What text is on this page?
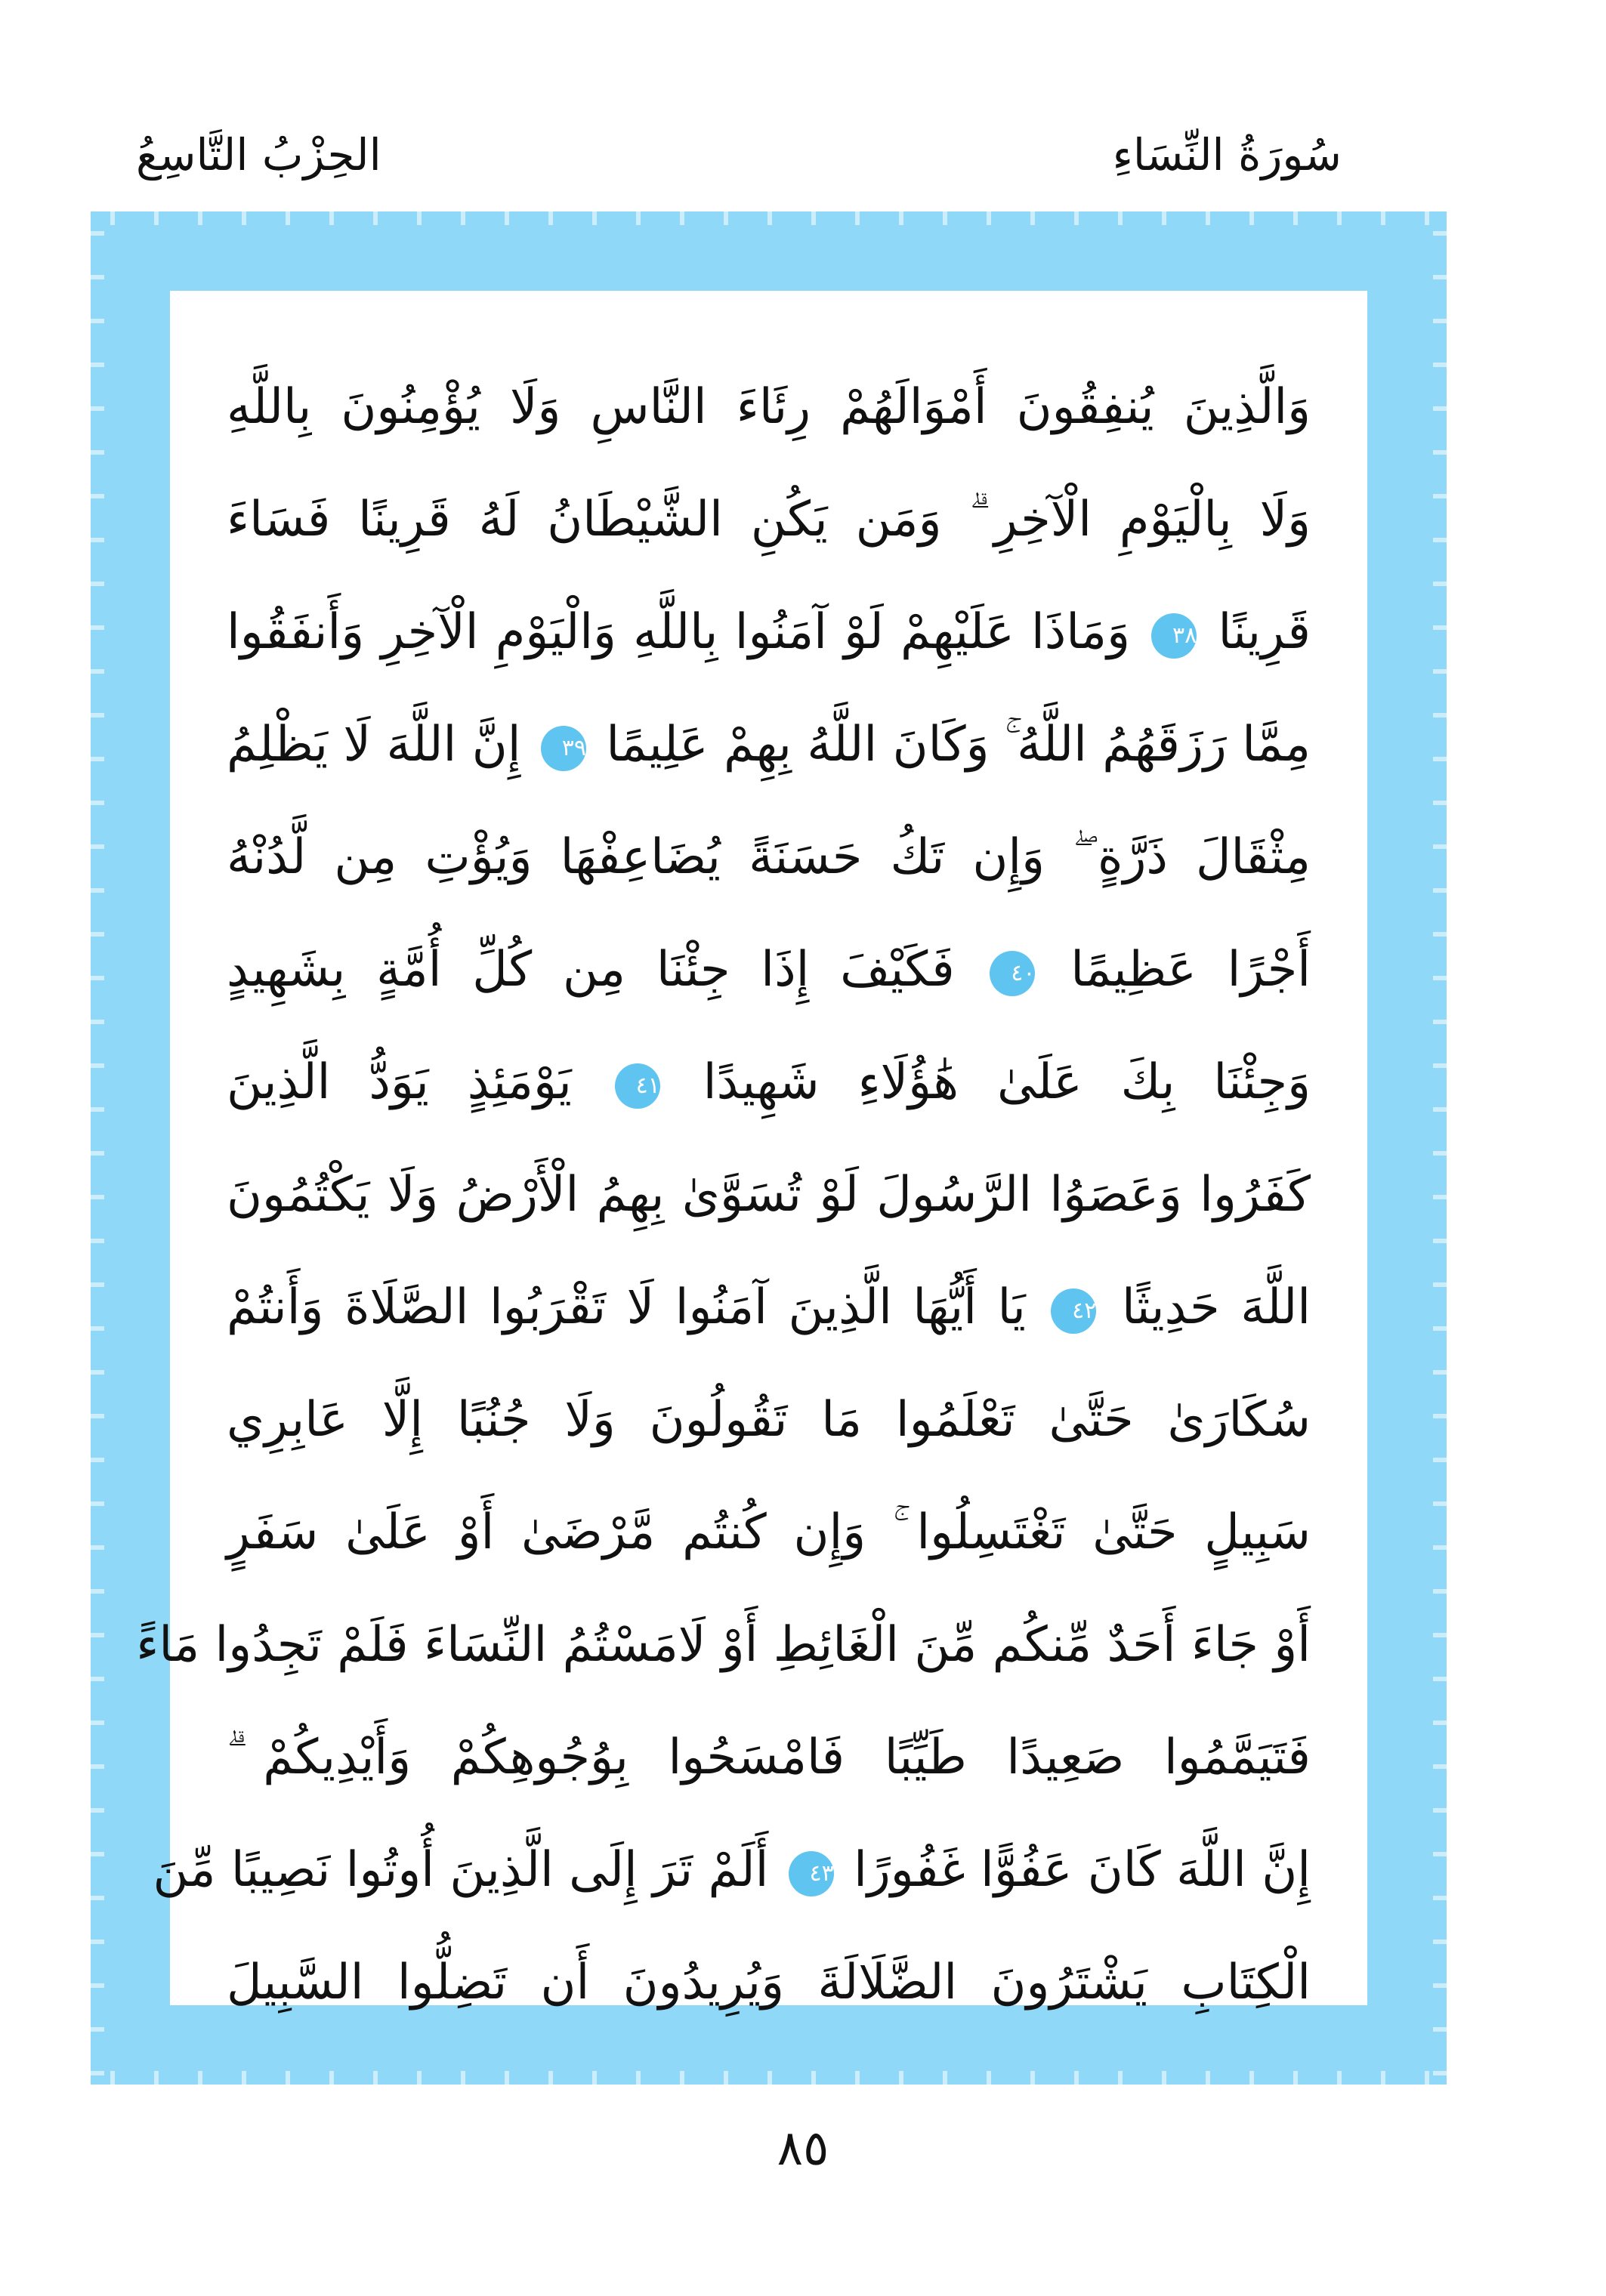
سُورَةُ النِّسَاءِ
الحِزْبُ التَّاسِعُ
وَالَّذِينَ يُنفِقُونَ أَمْوَالَهُمْ رِئَاءَ النَّاسِ وَلَا يُؤْمِنُونَ بِاللَّهِ
وَلَا بِالْيَوْمِ الْآخِرِ ۗ وَمَن يَكُنِ الشَّيْطَانُ لَهُ قَرِينًا فَسَاءَ
قَرِينًا ٣٨ وَمَاذَا عَلَيْهِمْ لَوْ آمَنُوا بِاللَّهِ وَالْيَوْمِ الْآخِرِ وَأَنفَقُوا
مِمَّا رَزَقَهُمُ اللَّهُ ۚ وَكَانَ اللَّهُ بِهِمْ عَلِيمًا ٣٩ إِنَّ اللَّهَ لَا يَظْلِمُ
مِثْقَالَ ذَرَّةٍ ۖ وَإِن تَكُ حَسَنَةً يُضَاعِفْهَا وَيُؤْتِ مِن لَّدُنْهُ
أَجْرًا عَظِيمًا ٤٠ فَكَيْفَ إِذَا جِئْنَا مِن كُلِّ أُمَّةٍ بِشَهِيدٍ
وَجِئْنَا بِكَ عَلَىٰ هَٰؤُلَاءِ شَهِيدًا ٤١ يَوْمَئِذٍ يَوَدُّ الَّذِينَ
كَفَرُوا وَعَصَوُا الرَّسُولَ لَوْ تُسَوَّىٰ بِهِمُ الْأَرْضُ وَلَا يَكْتُمُونَ
اللَّهَ حَدِيثًا ٤٢ يَا أَيُّهَا الَّذِينَ آمَنُوا لَا تَقْرَبُوا الصَّلَاةَ وَأَنتُمْ
سُكَارَىٰ حَتَّىٰ تَعْلَمُوا مَا تَقُولُونَ وَلَا جُنُبًا إِلَّا عَابِرِي
سَبِيلٍ حَتَّىٰ تَغْتَسِلُوا ۚ وَإِن كُنتُم مَّرْضَىٰ أَوْ عَلَىٰ سَفَرٍ
أَوْ جَاءَ أَحَدٌ مِّنكُم مِّنَ الْغَائِطِ أَوْ لَامَسْتُمُ النِّسَاءَ فَلَمْ تَجِدُوا مَاءً
فَتَيَمَّمُوا صَعِيدًا طَيِّبًا فَامْسَحُوا بِوُجُوهِكُمْ وَأَيْدِيكُمْ ۗ
إِنَّ اللَّهَ كَانَ عَفُوًّا غَفُورًا ٤٣ أَلَمْ تَرَ إِلَى الَّذِينَ أُوتُوا نَصِيبًا مِّنَ
الْكِتَابِ يَشْتَرُونَ الضَّلَالَةَ وَيُرِيدُونَ أَن تَضِلُّوا السَّبِيلَ
٨٥
